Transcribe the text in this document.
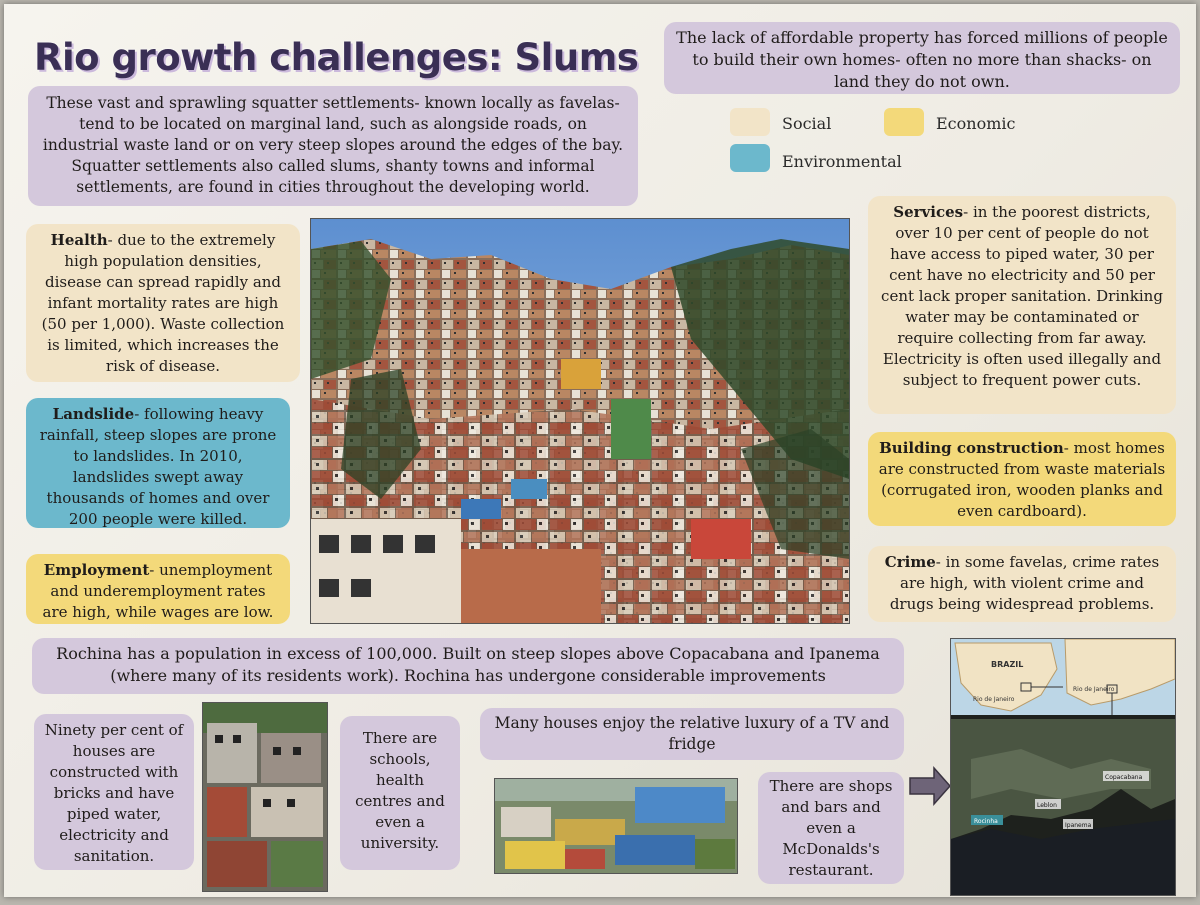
Rio growth challenges: Slums	The lack of affordable property has forced millions of people to build their own homes- often no more than shacks- on land they do not own.
These vast and sprawling squatter settlements- known locally as favelas- tend to be located on marginal land, such as alongside roads, on industrial waste land or on very steep slopes around the edges of the bay. Squatter settlements also called slums, shanty towns and informal settlements, are found in cities throughout the developing world.
Social	Economic
Environmental
Health- due to the extremely high population densities, disease can spread rapidly and infant mortality rates are high (50 per 1,000). Waste collection is limited, which increases the risk of disease.
Landslide- following heavy rainfall, steep slopes are prone to landslides. In 2010, landslides swept away thousands of homes and over 200 people were killed.
Employment- unemployment and underemployment rates are high, while wages are low.
Services- in the poorest districts, over 10 per cent of people do not have access to piped water, 30 per cent have no electricity and 50 per cent lack proper sanitation. Drinking water may be contaminated or require collecting from far away. Electricity is often used illegally and subject to frequent power cuts.
Building construction- most homes are constructed from waste materials (corrugated iron, wooden planks and even cardboard).
Crime- in some favelas, crime rates are high, with violent crime and drugs being widespread problems.
Rochina has a population in excess of 100,000. Built on steep slopes above Copacabana and Ipanema (where many of its residents work). Rochina has undergone considerable improvements
Ninety per cent of houses are constructed with bricks and have piped water, electricity and sanitation.
There are schools, health centres and even a university.
Many houses enjoy the relative luxury of a TV and fridge
There are shops and bars and even a McDonalds's restaurant.
BRAZIL
Rio de Janeiro
Rio de Janeiro
Copacabana
Leblon
Rocinha
Ipanema
